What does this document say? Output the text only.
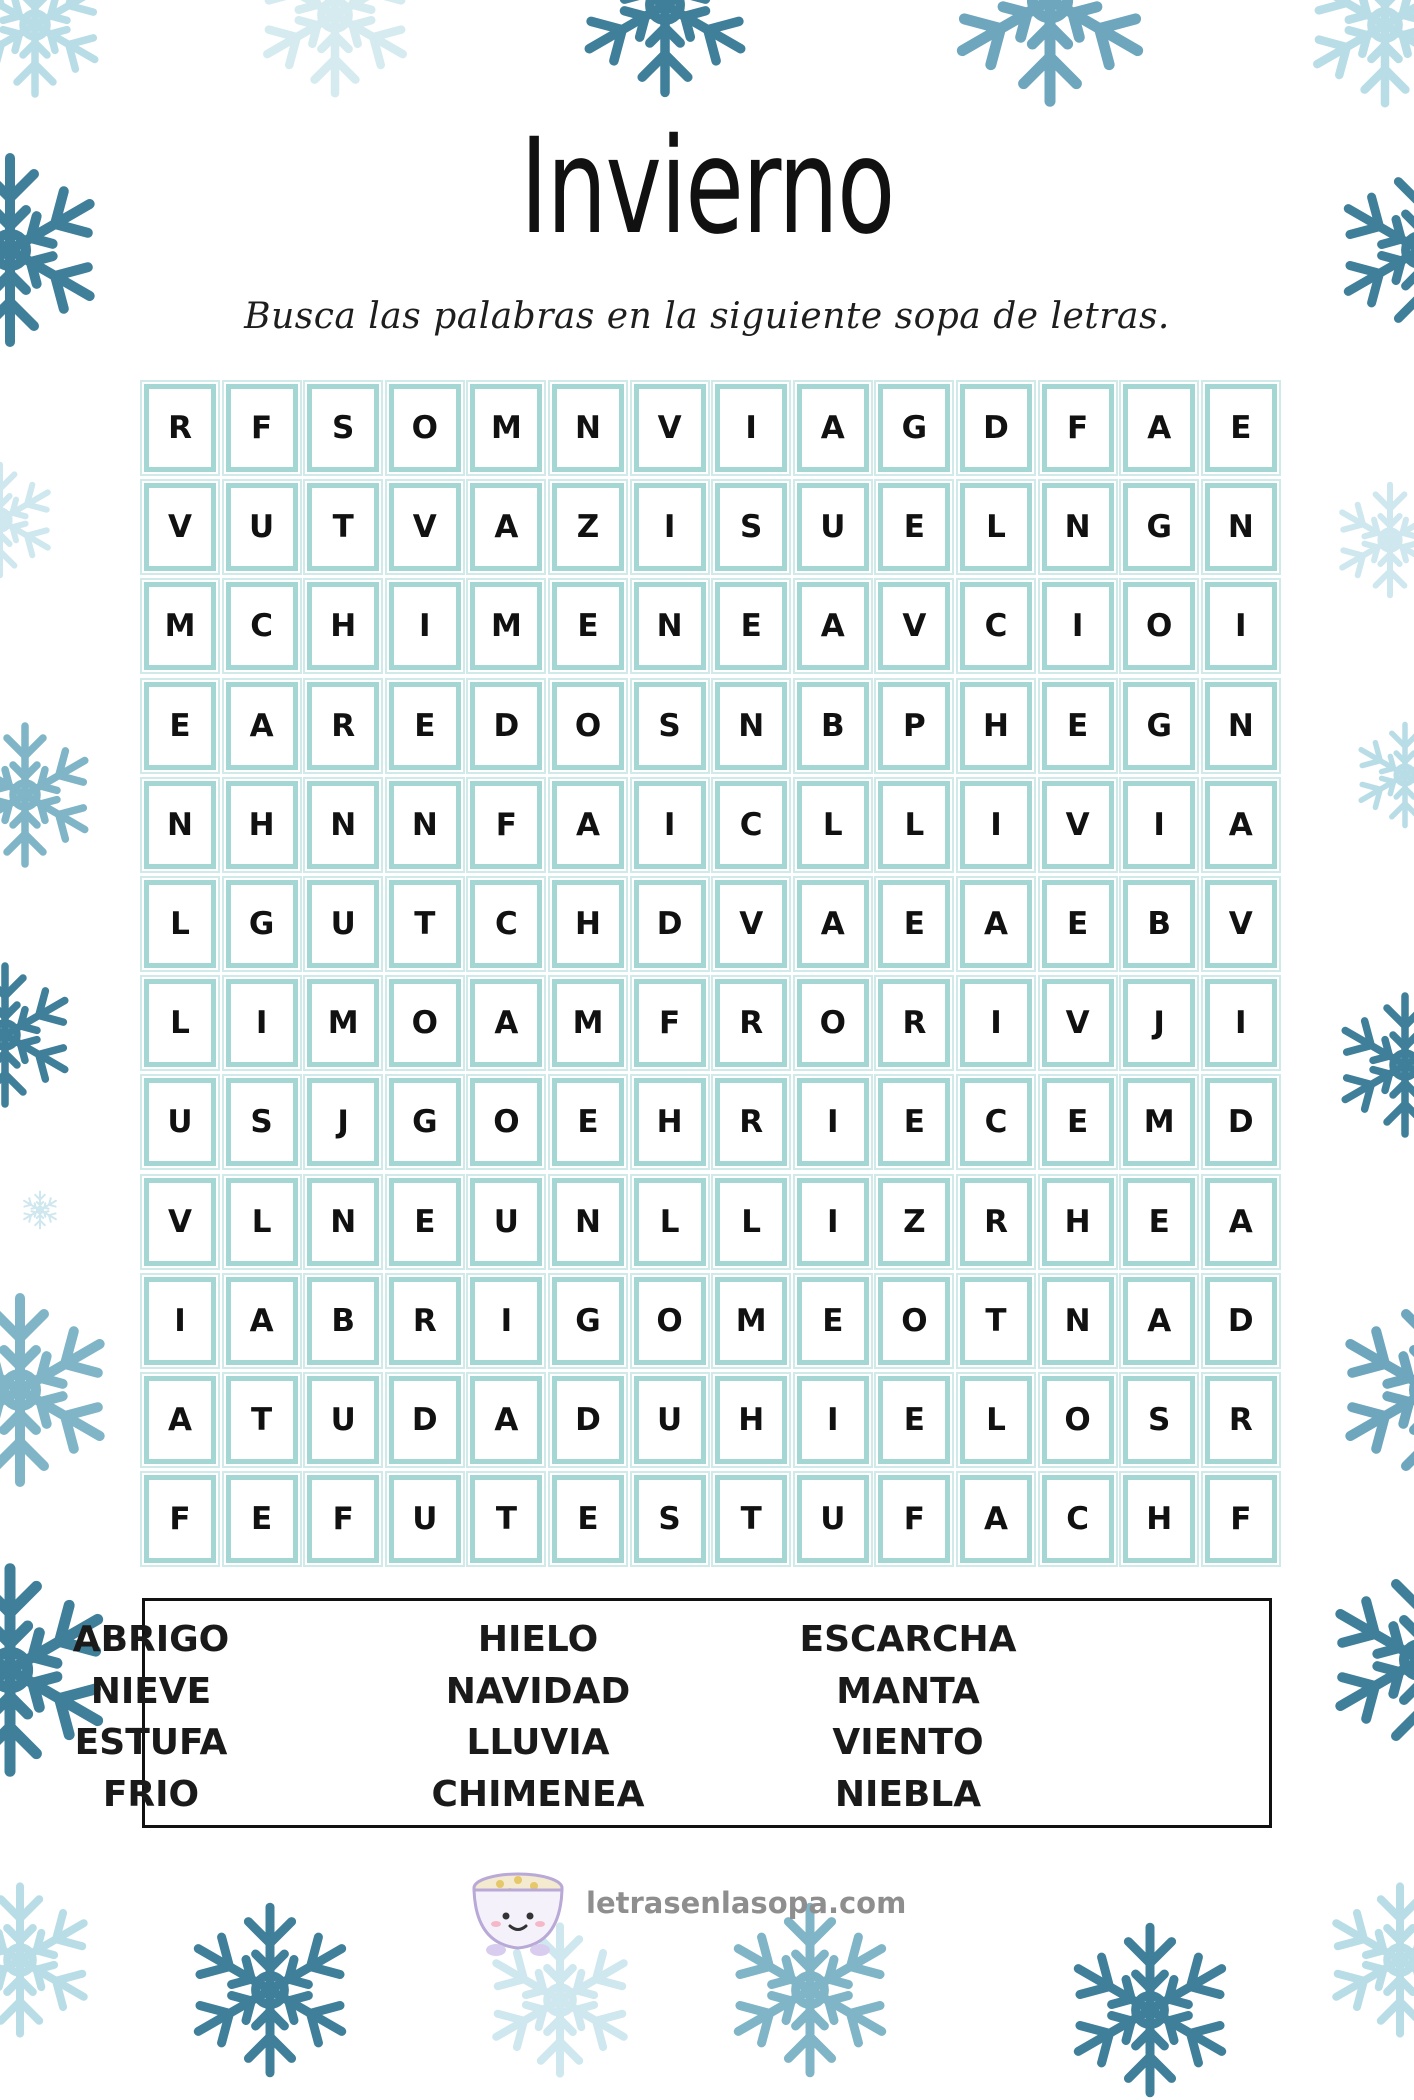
Invierno
Busca las palabras en la siguiente sopa de letras.
R	F	S	O	M	N	V	I	A	G	D	F	A	E
V	U	T	V	A	Z	I	S	U	E	L	N	G	N
M	C	H	I	M	E	N	E	A	V	C	I	O	I
E	A	R	E	D	O	S	N	B	P	H	E	G	N
N	H	N	N	F	A	I	C	L	L	I	V	I	A
L	G	U	T	C	H	D	V	A	E	A	E	B	V
L	I	M	O	A	M	F	R	O	R	I	V	J	I
U	S	J	G	O	E	H	R	I	E	C	E	M	D
V	L	N	E	U	N	L	L	I	Z	R	H	E	A
I	A	B	R	I	G	O	M	E	O	T	N	A	D
A	T	U	D	A	D	U	H	I	E	L	O	S	R
F	E	F	U	T	E	S	T	U	F	A	C	H	F
ABRIGO	HIELO	ESCARCHA
NIEVE	NAVIDAD	MANTA
ESTUFA	LLUVIA	VIENTO
FRIO	CHIMENEA	NIEBLA
letrasenlasopa.com
